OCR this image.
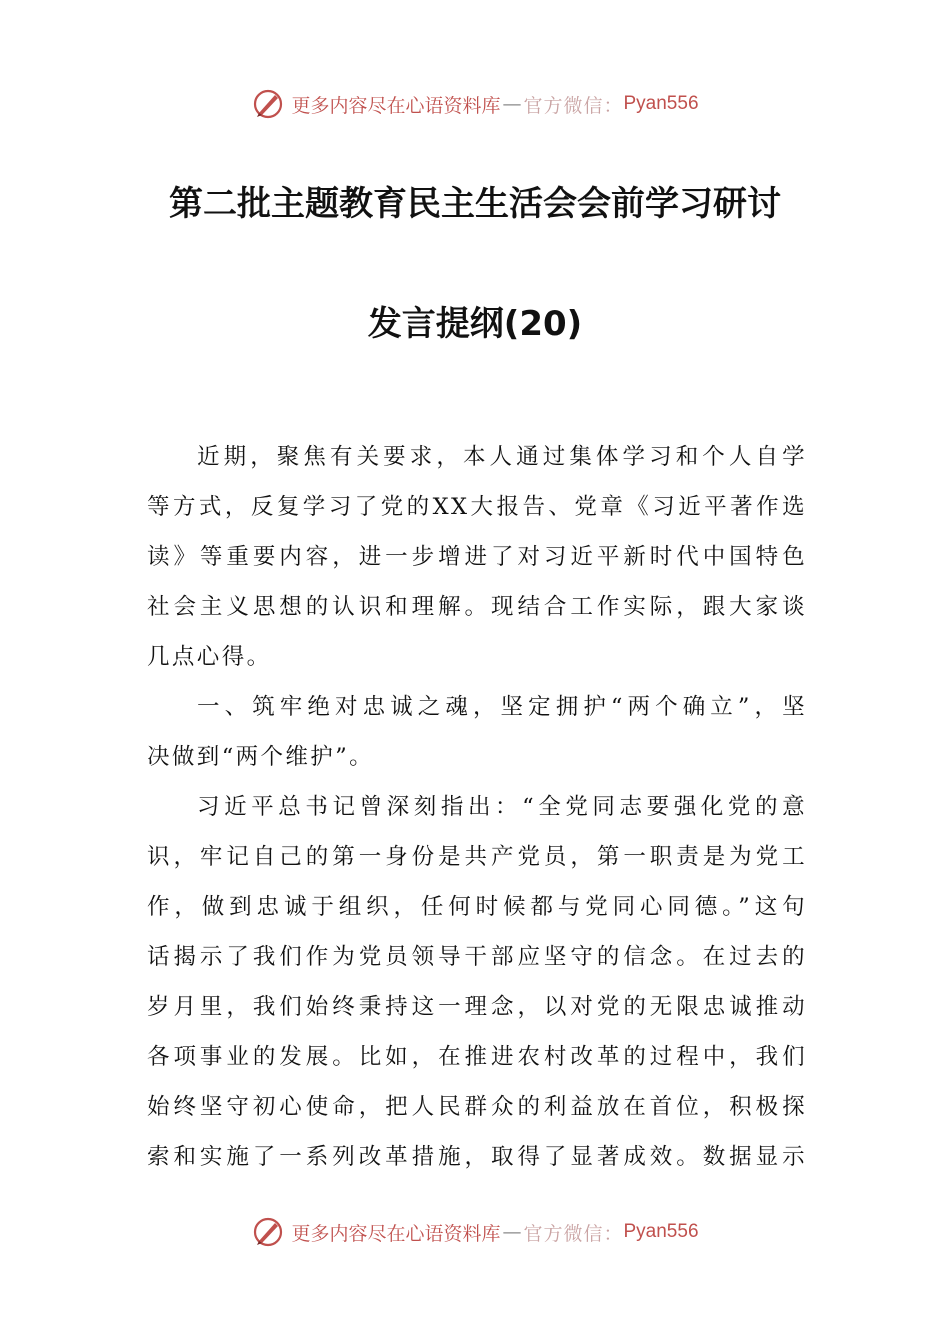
更多内容尽在心语资料库 — 官方微信： Pyan556
第二批主题教育民主生活会会前学习研讨
发言提纲(20)
近期，聚焦有关要求，本人通过集体学习和个人自学
等方式，反复学习了党的XX大报告、党章《习近平著作选
读》等重要内容，进一步增进了对习近平新时代中国特色
社会主义思想的认识和理解。现结合工作实际，跟大家谈
几点心得。
一、筑牢绝对忠诚之魂，坚定拥护“两个确立”，坚
决做到“两个维护”。
习近平总书记曾深刻指出：“全党同志要强化党的意
识，牢记自己的第一身份是共产党员，第一职责是为党工
作，做到忠诚于组织，任何时候都与党同心同德。”这句
话揭示了我们作为党员领导干部应坚守的信念。在过去的
岁月里，我们始终秉持这一理念，以对党的无限忠诚推动
各项事业的发展。比如，在推进农村改革的过程中，我们
始终坚守初心使命，把人民群众的利益放在首位，积极探
索和实施了一系列改革措施，取得了显著成效。数据显示
更多内容尽在心语资料库 — 官方微信： Pyan556
